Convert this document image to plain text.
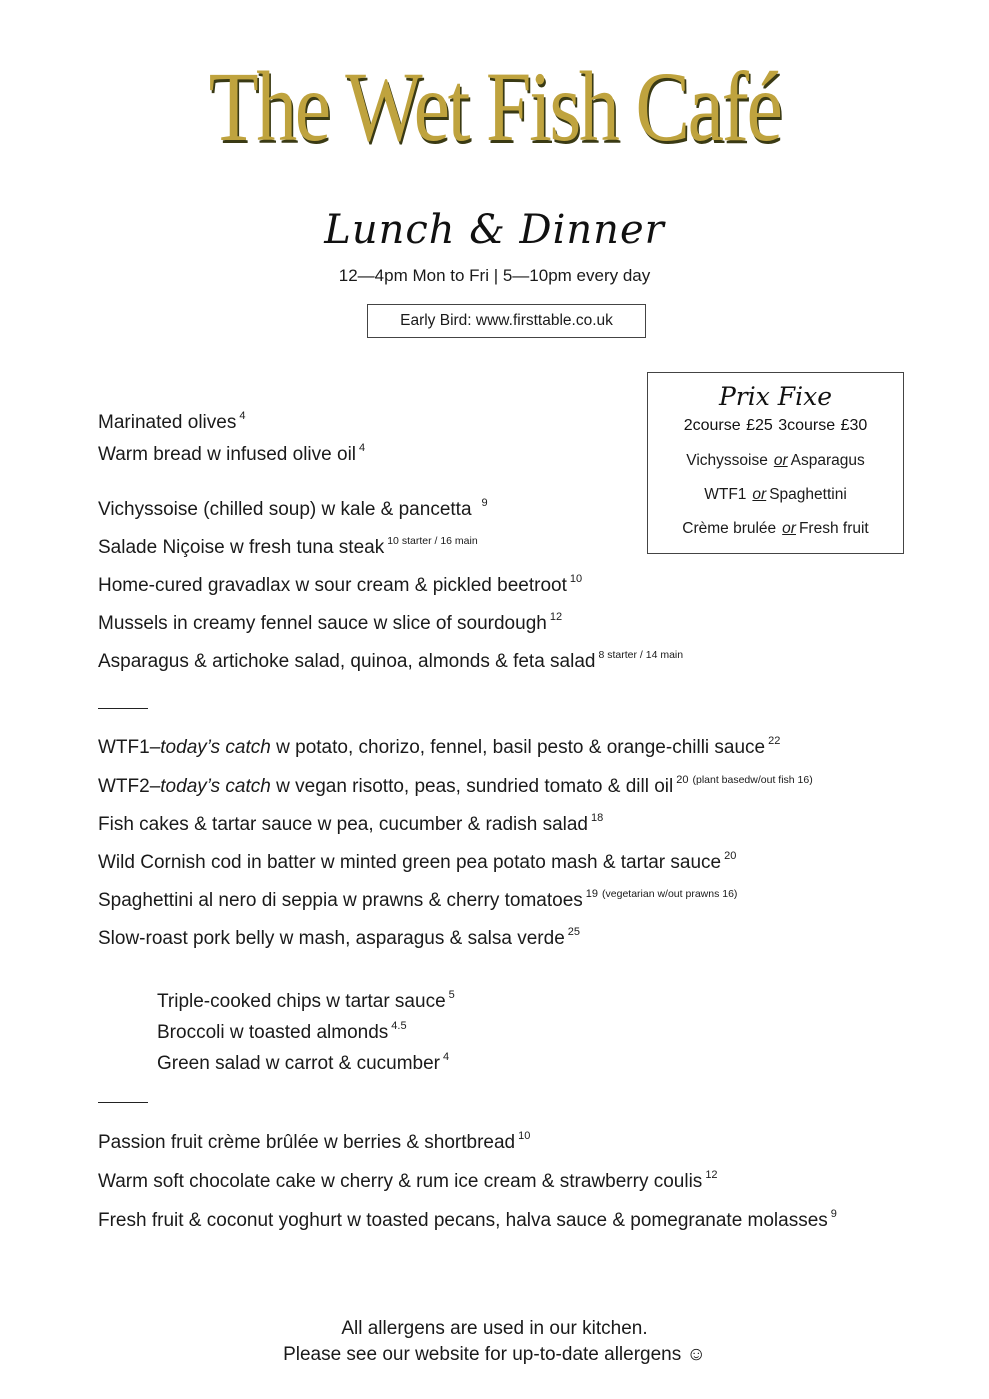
The Wet Fish Café
Lunch & Dinner
12—4pm Mon to Fri | 5—10pm every day
Early Bird: www.firsttable.co.uk
Prix Fixe
2course £25 3course £30
Vichyssoise or Asparagus
WTF1 or Spaghettini
Crème brulée or Fresh fruit
Marinated olives $^4$
Warm bread w infused olive oil $^4$
Vichyssoise (chilled soup) w kale & pancetta $^9$
Salade Niçoise w fresh tuna steak $^{10 starter / 16 main}$
Home-cured gravadlax w sour cream & pickled beetroot $^{10}$
Mussels in creamy fennel sauce w slice of sourdough $^{12}$
Asparagus & artichoke salad, quinoa, almonds & feta salad $^{8 starter / 14 main}$
WTF1–today’s catch w potato, chorizo, fennel, basil pesto & orange-chilli sauce $^{22}$
WTF2–today’s catch w vegan risotto, peas, sundried tomato & dill oil $^{20}$ $^{(plant basedw/out fish 16)}$
Fish cakes & tartar sauce w pea, cucumber & radish salad $^{18}$
Wild Cornish cod in batter w minted green pea potato mash & tartar sauce $^{20}$
Spaghettini al nero di seppia w prawns & cherry tomatoes $^{19}$ $^{(vegetarian w/out prawns 16)}$
Slow-roast pork belly w mash, asparagus & salsa verde $^{25}$
Triple-cooked chips w tartar sauce $^5$
Broccoli w toasted almonds $^{4.5}$
Green salad w carrot & cucumber $^4$
Passion fruit crème brûlée w berries & shortbread $^{10}$
Warm soft chocolate cake w cherry & rum ice cream & strawberry coulis $^{12}$
Fresh fruit & coconut yoghurt w toasted pecans, halva sauce & pomegranate molasses $^9$
All allergens are used in our kitchen.
Please see our website for up-to-date allergens ☺
